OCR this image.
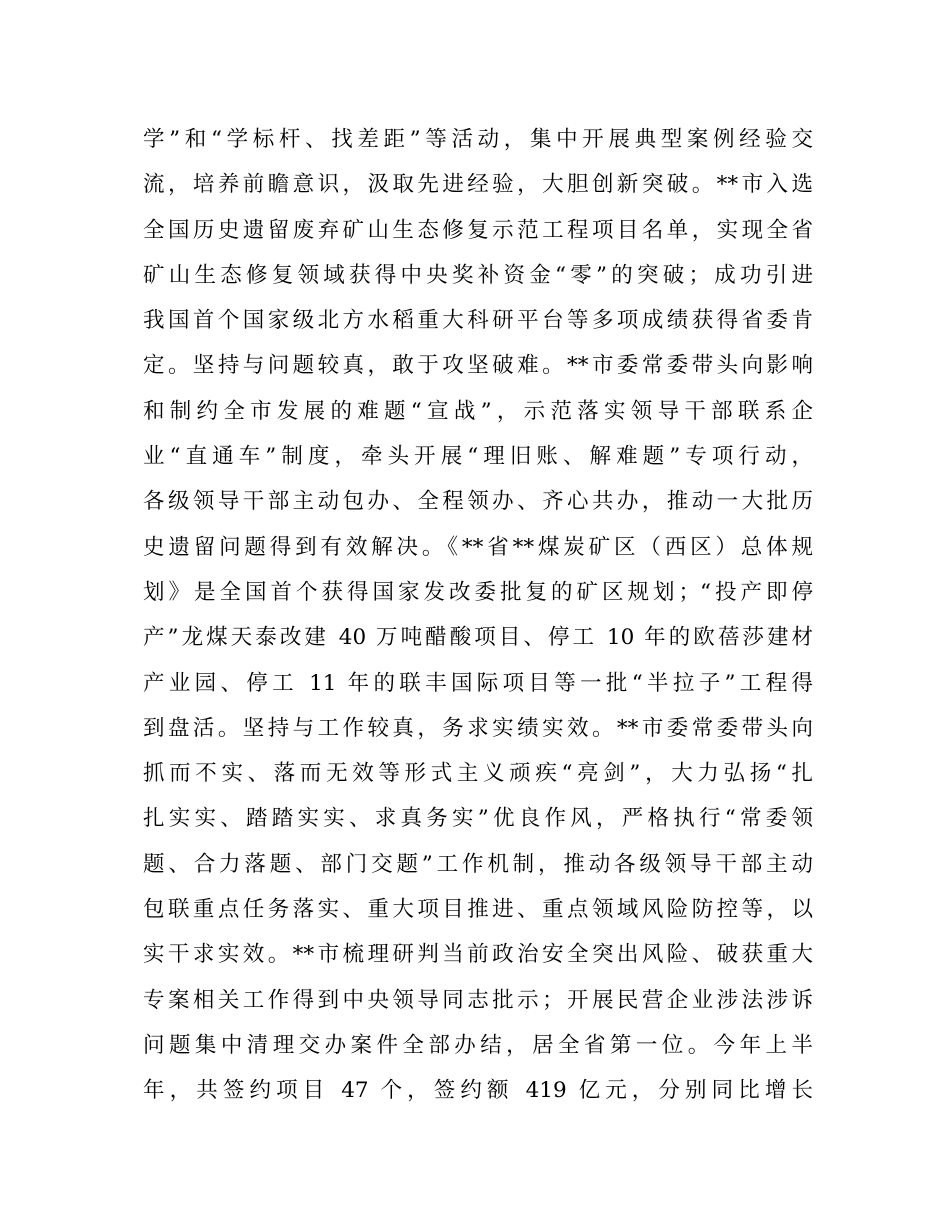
学”和“学标杆、找差距”等活动，集中开展典型案例经验交
流，培养前瞻意识，汲取先进经验，大胆创新突破。**市入选
全国历史遗留废弃矿山生态修复示范工程项目名单，实现全省
矿山生态修复领域获得中央奖补资金“零”的突破；成功引进
我国首个国家级北方水稻重大科研平台等多项成绩获得省委肯
定。坚持与问题较真，敢于攻坚破难。**市委常委带头向影响
和制约全市发展的难题“宣战”，示范落实领导干部联系企
业“直通车”制度，牵头开展“理旧账、解难题”专项行动，
各级领导干部主动包办、全程领办、齐心共办，推动一大批历
史遗留问题得到有效解决。《**省**煤炭矿区（西区）总体规
划》是全国首个获得国家发改委批复的矿区规划；“投产即停
产”龙煤天泰改建 40 万吨醋酸项目、停工 10 年的欧蓓莎建材
产业园、停工 11 年的联丰国际项目等一批“半拉子”工程得
到盘活。坚持与工作较真，务求实绩实效。**市委常委带头向
抓而不实、落而无效等形式主义顽疾“亮剑”，大力弘扬“扎
扎实实、踏踏实实、求真务实”优良作风，严格执行“常委领
题、合力落题、部门交题”工作机制，推动各级领导干部主动
包联重点任务落实、重大项目推进、重点领域风险防控等，以
实干求实效。**市梳理研判当前政治安全突出风险、破获重大
专案相关工作得到中央领导同志批示；开展民营企业涉法涉诉
问题集中清理交办案件全部办结，居全省第一位。今年上半
年，共签约项目 47 个，签约额 419 亿元，分别同比增长
